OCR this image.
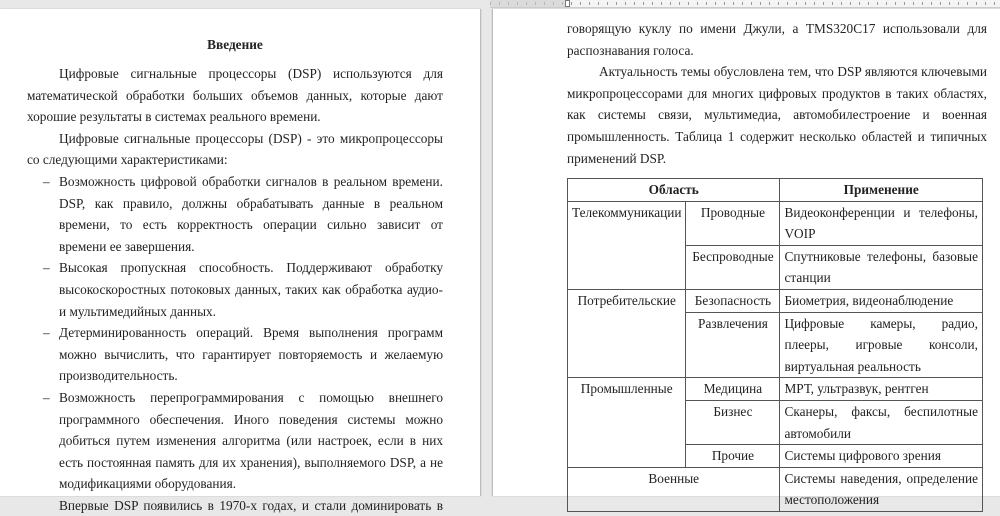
Введение

Цифровые сигнальные процессоры (DSP) используются для математической обработки больших объемов данных, которые дают хорошие результаты в системах реального времени.

Цифровые сигнальные процессоры (DSP) - это микропроцессоры со следующими характеристиками:

– Возможность цифровой обработки сигналов в реальном времени. DSP, как правило, должны обрабатывать данные в реальном времени, то есть корректность операции сильно зависит от времени ее завершения.

– Высокая пропускная способность. Поддерживают обработку высокоскоростных потоковых данных, таких как обработка аудио- и мультимедийных данных.

– Детерминированность операций. Время выполнения программ можно вычислить, что гарантирует повторяемость и желаемую производительность.

– Возможность перепрограммирования с помощью внешнего программного обеспечения. Иного поведения системы можно добиться путем изменения алгоритма (или настроек, если в них есть постоянная память для их хранения), выполняемого DSP, а не модификациями оборудования.

Впервые DSP появились в 1970-х годах, и стали доминировать в

говорящую куклу по имени Джули, а TMS320C17 использовали для распознавания голоса.

Актуальность темы обусловлена тем, что DSP являются ключевыми микропроцессорами для многих цифровых продуктов в таких областях, как системы связи, мультимедиа, автомобилестроение и военная промышленность. Таблица 1 содержит несколько областей и типичных применений DSP.

Область		Применение
Телекоммуникации	Проводные	Видеоконференции и телефоны, VOIP
	Беспроводные	Спутниковые телефоны, базовые станции
Потребительские	Безопасность	Биометрия, видеонаблюдение
	Развлечения	Цифровые камеры, радио, плееры, игровые консоли, виртуальная реальность
Промышленные	Медицина	МРТ, ультразвук, рентген
	Бизнес	Сканеры, факсы, беспилотные автомобили
	Прочие	Системы цифрового зрения
Военные		Системы наведения, определение местоположения
